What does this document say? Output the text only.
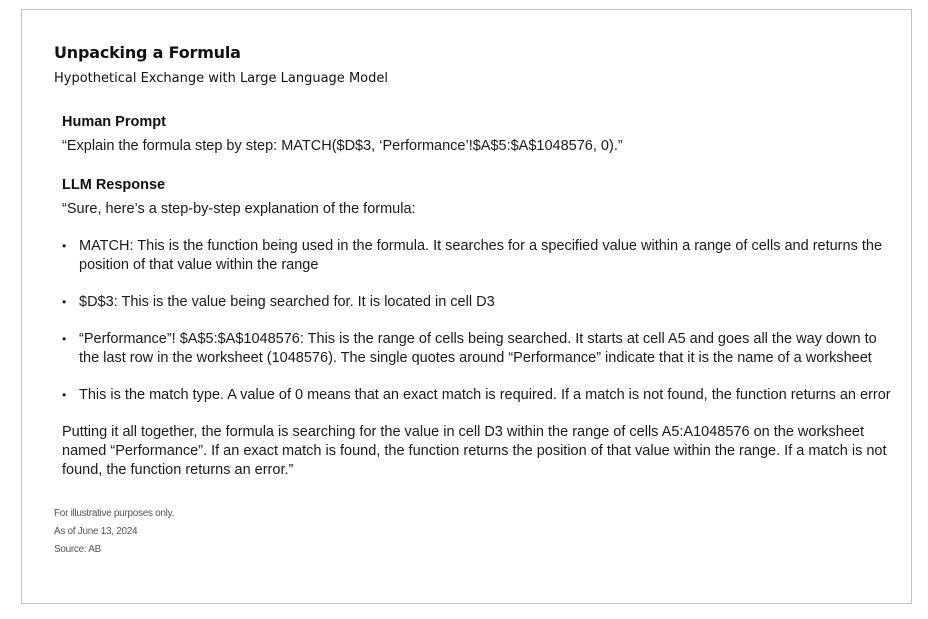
Unpacking a Formula
Hypothetical Exchange with Large Language Model
Human Prompt

“Explain the formula step by step: MATCH($D$3, ‘Performance’!$A$5:$A$1048576, 0).”

LLM Response

“Sure, here’s a step-by-step explanation of the formula:

• MATCH: This is the function being used in the formula. It searches for a specified value within a range of cells and returns the position of that value within the range
• $D$3: This is the value being searched for. It is located in cell D3
• “Performance”! $A$5:$A$1048576: This is the range of cells being searched. It starts at cell A5 and goes all the way down to the last row in the worksheet (1048576). The single quotes around “Performance” indicate that it is the name of a worksheet
• This is the match type. A value of 0 means that an exact match is required. If a match is not found, the function returns an error

Putting it all together, the formula is searching for the value in cell D3 within the range of cells A5:A1048576 on the worksheet named “Performance”. If an exact match is found, the function returns the position of that value within the range. If a match is not found, the function returns an error.”

For illustrative purposes only.
As of June 13, 2024
Source: AB
